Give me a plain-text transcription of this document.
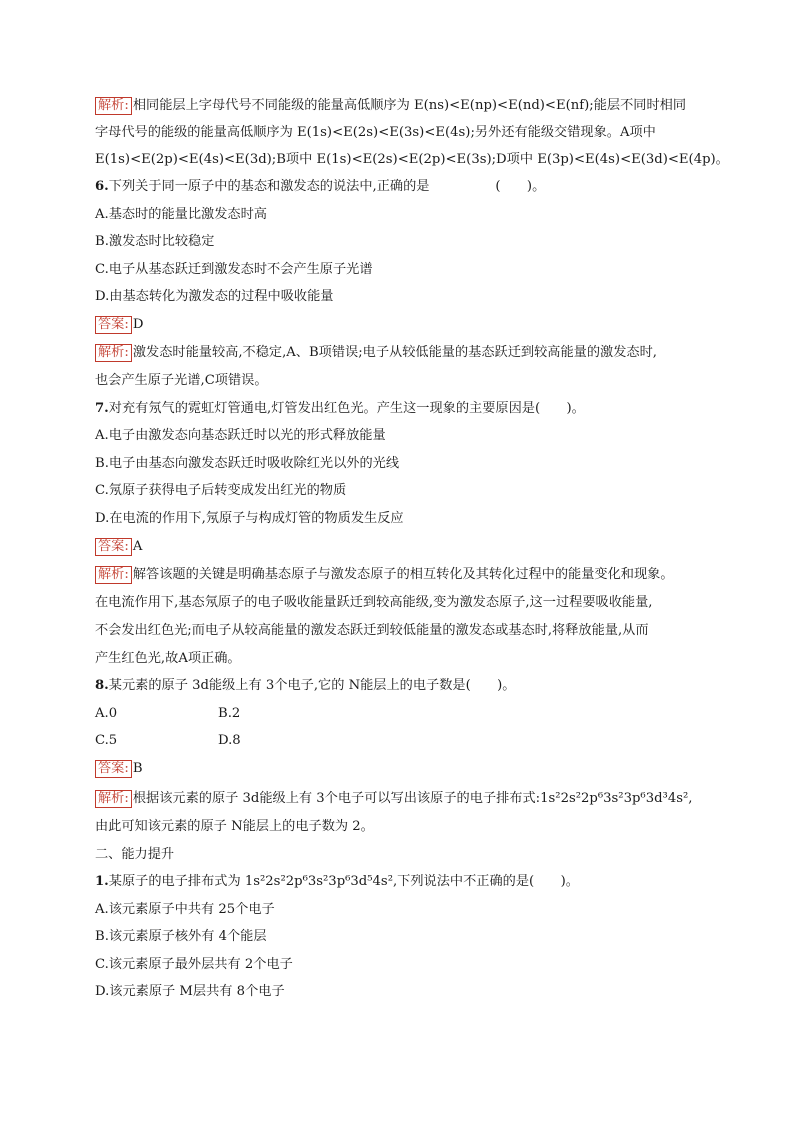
解析: 相同能层上字母代号不同能级的能量高低顺序为 E(ns)<E(np)<E(nd)<E(nf);能层不同时相同
字母代号的能级的能量高低顺序为 E(1s)<E(2s)<E(3s)<E(4s);另外还有能级交错现象。A项中
E(1s)<E(2p)<E(4s)<E(3d);B项中 E(1s)<E(2s)<E(2p)<E(3s);D项中 E(3p)<E(4s)<E(3d)<E(4p)。
6.下列关于同一原子中的基态和激发态的说法中,正确的是　　　　　(　　)。
A.基态时的能量比激发态时高
B.激发态时比较稳定
C.电子从基态跃迁到激发态时不会产生原子光谱
D.由基态转化为激发态的过程中吸收能量
答案: D
解析: 激发态时能量较高,不稳定,A、B项错误;电子从较低能量的基态跃迁到较高能量的激发态时,
也会产生原子光谱,C项错误。
7.对充有氖气的霓虹灯管通电,灯管发出红色光。产生这一现象的主要原因是(　　)。
A.电子由激发态向基态跃迁时以光的形式释放能量
B.电子由基态向激发态跃迁时吸收除红光以外的光线
C.氖原子获得电子后转变成发出红光的物质
D.在电流的作用下,氖原子与构成灯管的物质发生反应
答案: A
解析: 解答该题的关键是明确基态原子与激发态原子的相互转化及其转化过程中的能量变化和现象。
在电流作用下,基态氖原子的电子吸收能量跃迁到较高能级,变为激发态原子,这一过程要吸收能量,
不会发出红色光;而电子从较高能量的激发态跃迁到较低能量的激发态或基态时,将释放能量,从而
产生红色光,故A项正确。
8.某元素的原子 3d能级上有 3个电子,它的 N能层上的电子数是(　　)。
A.0	B.2
C.5	D.8
答案: B
解析: 根据该元素的原子 3d能级上有 3个电子可以写出该原子的电子排布式:1s²2s²2p⁶3s²3p⁶3d³4s²,
由此可知该元素的原子 N能层上的电子数为 2。
二、能力提升
1.某原子的电子排布式为 1s²2s²2p⁶3s²3p⁶3d⁵4s²,下列说法中不正确的是(　　)。
A.该元素原子中共有 25个电子
B.该元素原子核外有 4个能层
C.该元素原子最外层共有 2个电子
D.该元素原子 M层共有 8个电子
